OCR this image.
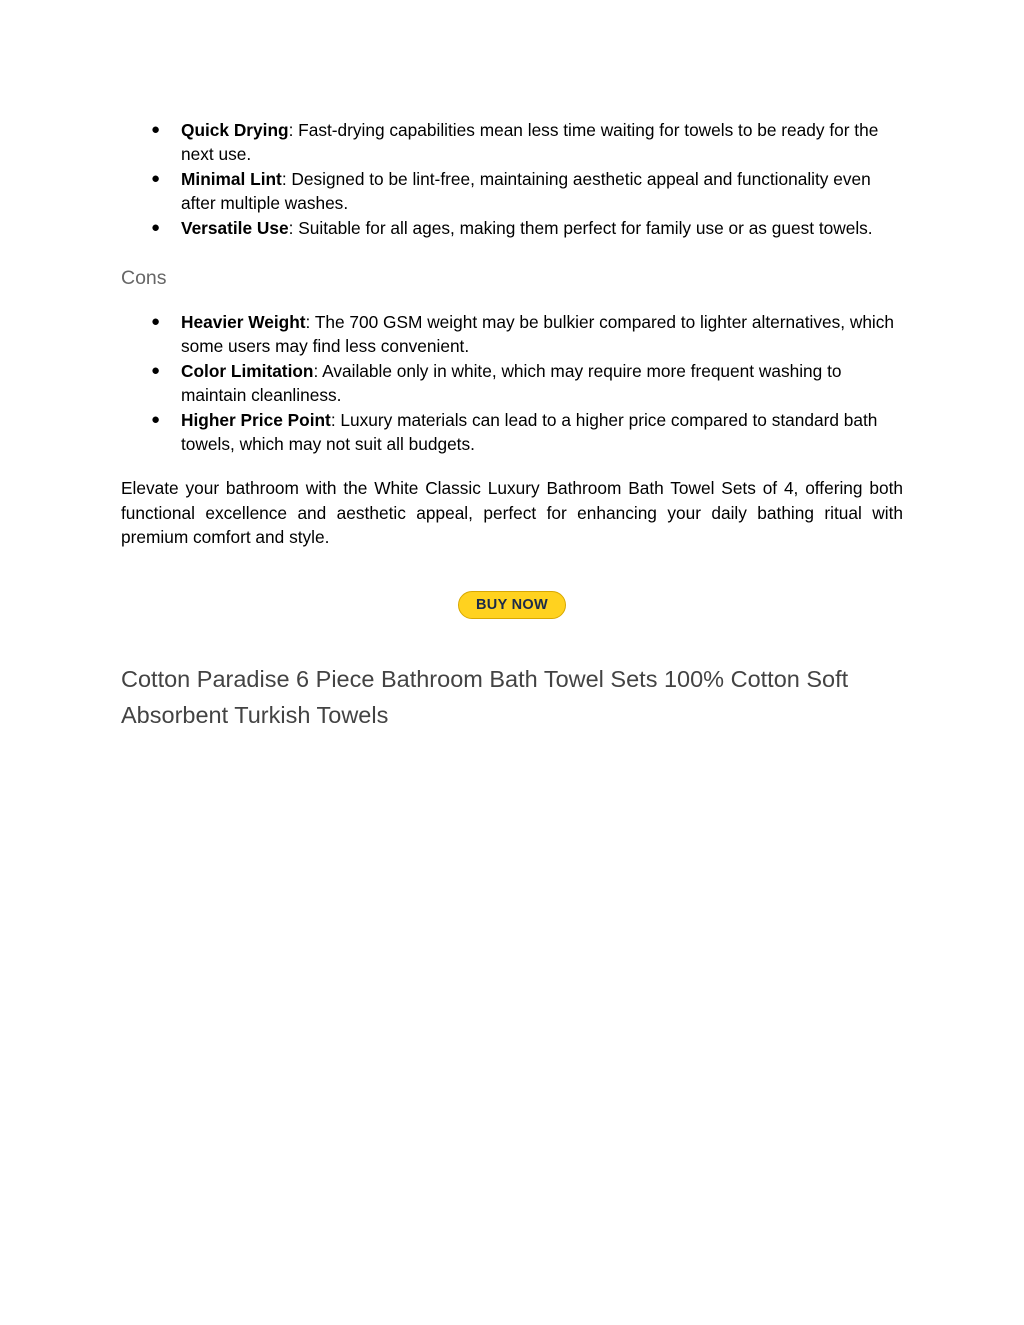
● Quick Drying: Fast-drying capabilities mean less time waiting for towels to be ready for the next use.
● Minimal Lint: Designed to be lint-free, maintaining aesthetic appeal and functionality even after multiple washes.
● Versatile Use: Suitable for all ages, making them perfect for family use or as guest towels.
Cons
● Heavier Weight: The 700 GSM weight may be bulkier compared to lighter alternatives, which some users may find less convenient.
● Color Limitation: Available only in white, which may require more frequent washing to maintain cleanliness.
● Higher Price Point: Luxury materials can lead to a higher price compared to standard bath towels, which may not suit all budgets.

Elevate your bathroom with the White Classic Luxury Bathroom Bath Towel Sets of 4, offering both functional excellence and aesthetic appeal, perfect for enhancing your daily bathing ritual with premium comfort and style.

BUY NOW
Cotton Paradise 6 Piece Bathroom Bath Towel Sets 100% Cotton Soft Absorbent Turkish Towels
